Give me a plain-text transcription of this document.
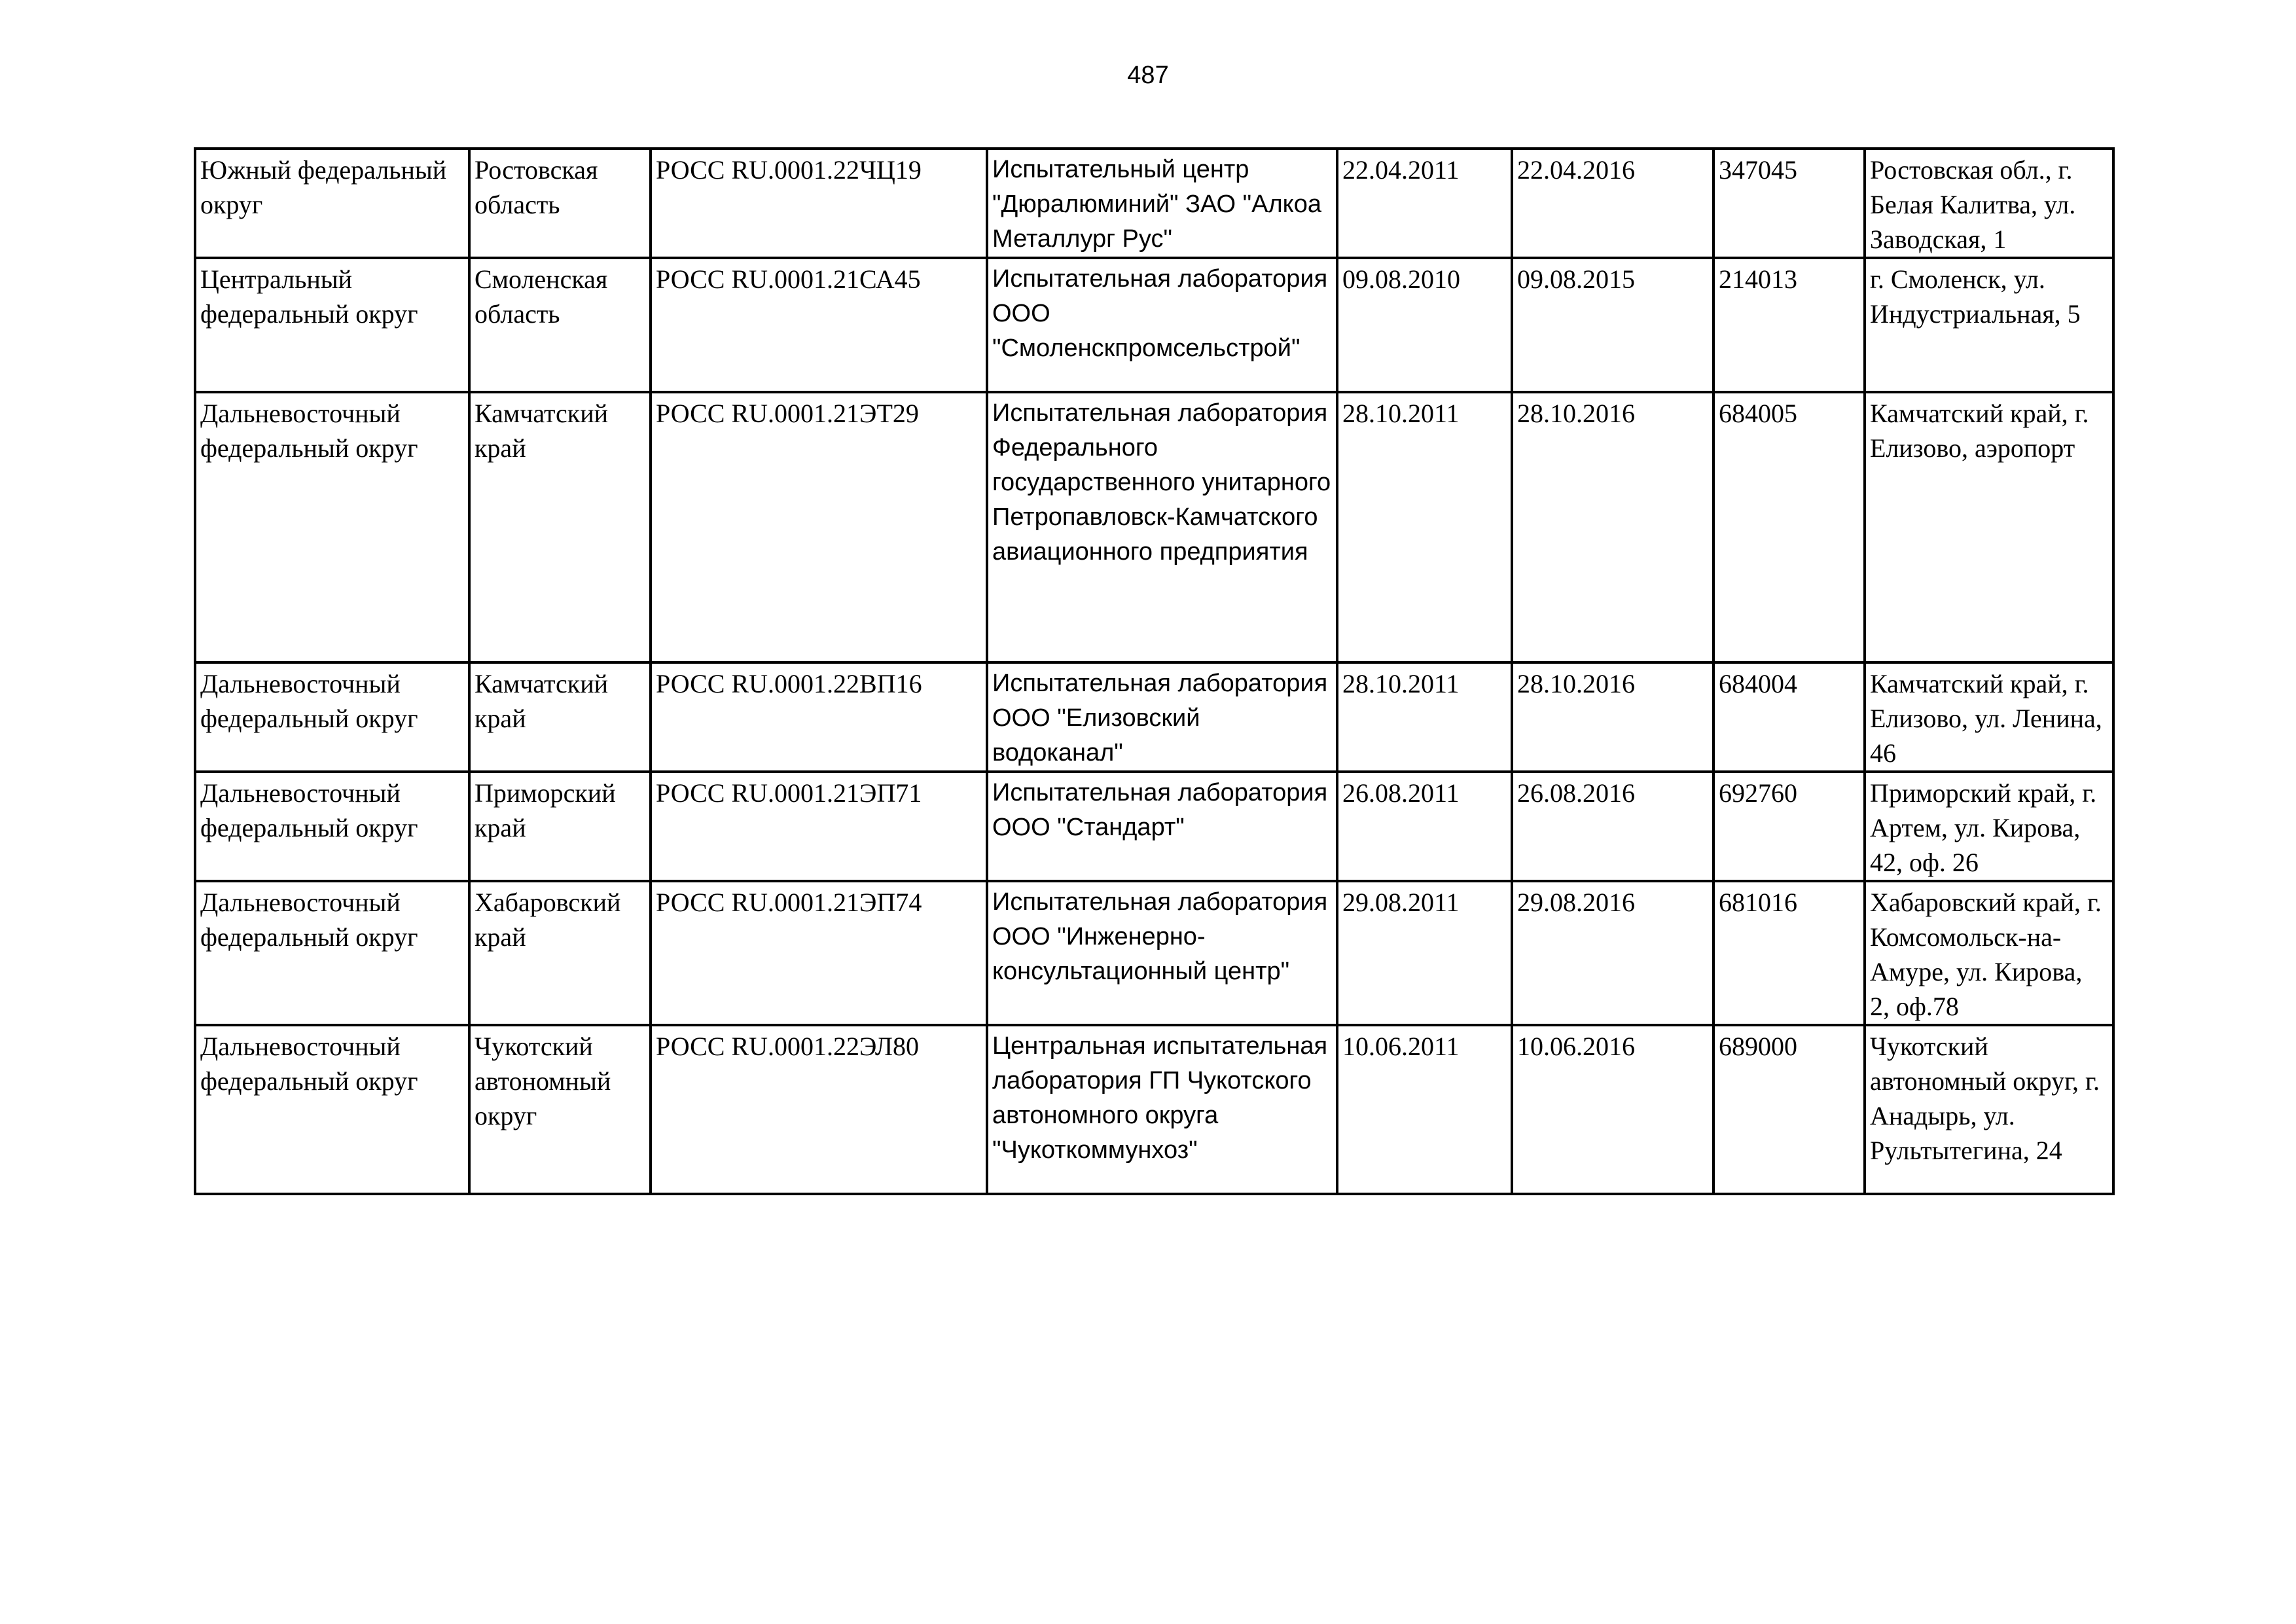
487
Южный федеральный округ	Ростовская область	РОСС RU.0001.22ЧЦ19	Испытательный центр "Дюралюминий" ЗАО "Алкоа Металлург Рус"	22.04.2011	22.04.2016	347045	Ростовская обл., г. Белая Калитва, ул. Заводская, 1
Центральный федеральный округ	Смоленская область	РОСС RU.0001.21СА45	Испытательная лаборатория ООО "Смоленскпромсельстрой"	09.08.2010	09.08.2015	214013	г. Смоленск, ул. Индустриальная, 5
Дальневосточный федеральный округ	Камчатский край	РОСС RU.0001.21ЭТ29	Испытательная лаборатория Федерального государственного унитарного Петропавловск-Камчатского авиационного предприятия	28.10.2011	28.10.2016	684005	Камчатский край, г. Елизово, аэропорт
Дальневосточный федеральный округ	Камчатский край	РОСС RU.0001.22ВП16	Испытательная лаборатория ООО "Елизовский водоканал"	28.10.2011	28.10.2016	684004	Камчатский край, г. Елизово, ул. Ленина, 46
Дальневосточный федеральный округ	Приморский край	РОСС RU.0001.21ЭП71	Испытательная лаборатория ООО "Стандарт"	26.08.2011	26.08.2016	692760	Приморский край, г. Артем, ул. Кирова, 42, оф. 26
Дальневосточный федеральный округ	Хабаровский край	РОСС RU.0001.21ЭП74	Испытательная лаборатория ООО "Инженерно-консультационный центр"	29.08.2011	29.08.2016	681016	Хабаровский край, г. Комсомольск-на-Амуре, ул. Кирова, 2, оф.78
Дальневосточный федеральный округ	Чукотский автономный округ	РОСС RU.0001.22ЭЛ80	Центральная испытательная лаборатория ГП Чукотского автономного округа "Чукоткоммунхоз"	10.06.2011	10.06.2016	689000	Чукотский автономный округ, г. Анадырь, ул. Рультытегина, 24
